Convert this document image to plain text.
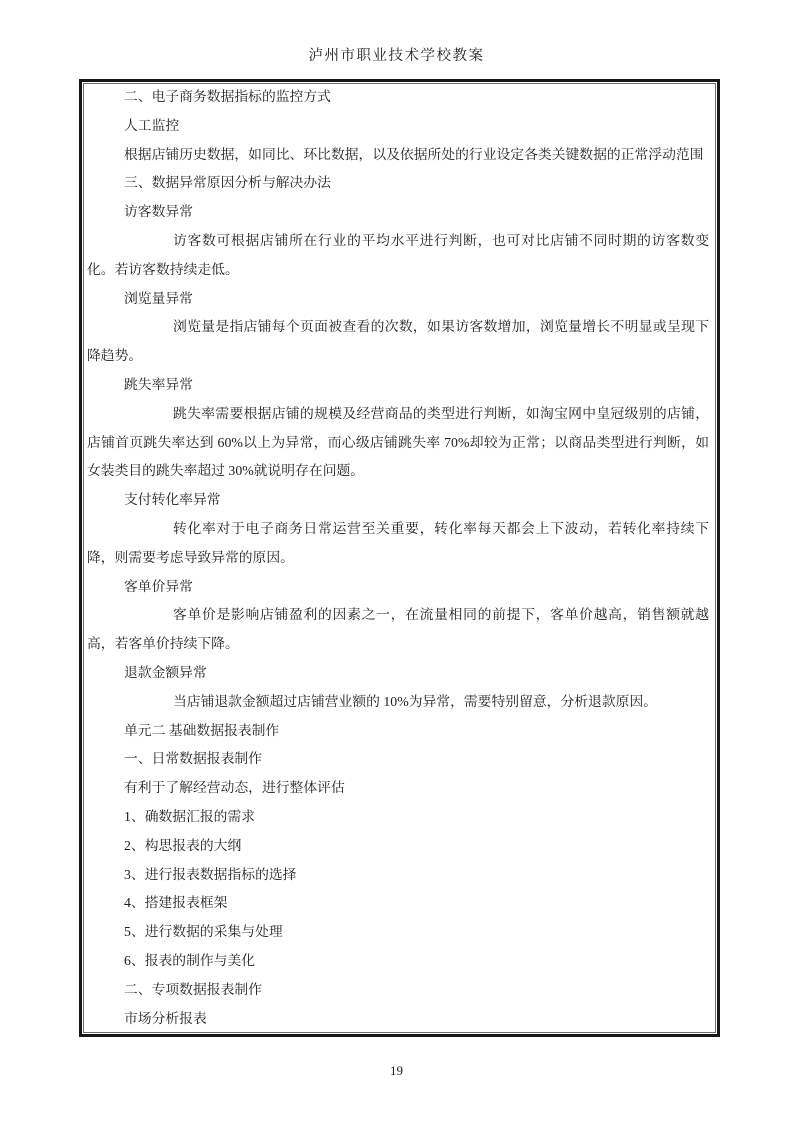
泸州市职业技术学校教案

二、电子商务数据指标的监控方式

人工监控

根据店铺历史数据，如同比、环比数据，以及依据所处的行业设定各类关键数据的正常浮动范围

三、数据异常原因分析与解决办法

访客数异常

访客数可根据店铺所在行业的平均水平进行判断，也可对比店铺不同时期的访客数变化。若访客数持续走低。

浏览量异常

浏览量是指店铺每个页面被查看的次数，如果访客数增加，浏览量增长不明显或呈现下降趋势。

跳失率异常

跳失率需要根据店铺的规模及经营商品的类型进行判断，如淘宝网中皇冠级别的店铺，店铺首页跳失率达到 60%以上为异常，而心级店铺跳失率 70%却较为正常；以商品类型进行判断，如女装类目的跳失率超过 30%就说明存在问题。

支付转化率异常

转化率对于电子商务日常运营至关重要，转化率每天都会上下波动，若转化率持续下降，则需要考虑导致异常的原因。

客单价异常

客单价是影响店铺盈利的因素之一，在流量相同的前提下，客单价越高，销售额就越高，若客单价持续下降。

退款金额异常

当店铺退款金额超过店铺营业额的 10%为异常，需要特别留意，分析退款原因。

单元二 基础数据报表制作

一、日常数据报表制作

有利于了解经营动态，进行整体评估

1、确数据汇报的需求

2、构思报表的大纲

3、进行报表数据指标的选择

4、搭建报表框架

5、进行数据的采集与处理

6、报表的制作与美化

二、专项数据报表制作

市场分析报表

19
